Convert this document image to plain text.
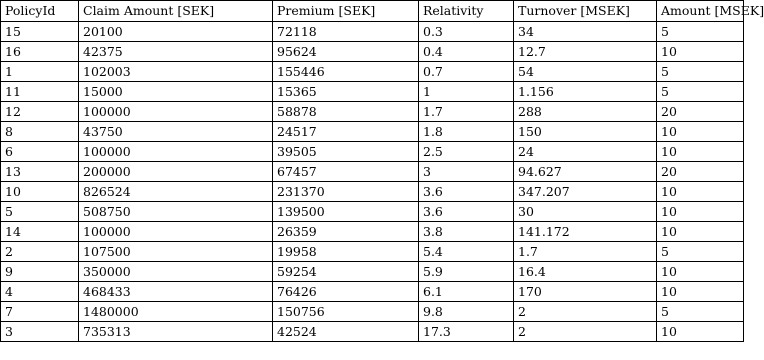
PolicyId	Claim Amount [SEK]	Premium [SEK]	Relativity	Turnover [MSEK]	Amount [MSEK]
15	20100	72118	0.3	34	5
16	42375	95624	0.4	12.7	10
1	102003	155446	0.7	54	5
11	15000	15365	1	1.156	5
12	100000	58878	1.7	288	20
8	43750	24517	1.8	150	10
6	100000	39505	2.5	24	10
13	200000	67457	3	94.627	20
10	826524	231370	3.6	347.207	10
5	508750	139500	3.6	30	10
14	100000	26359	3.8	141.172	10
2	107500	19958	5.4	1.7	5
9	350000	59254	5.9	16.4	10
4	468433	76426	6.1	170	10
7	1480000	150756	9.8	2	5
3	735313	42524	17.3	2	10
